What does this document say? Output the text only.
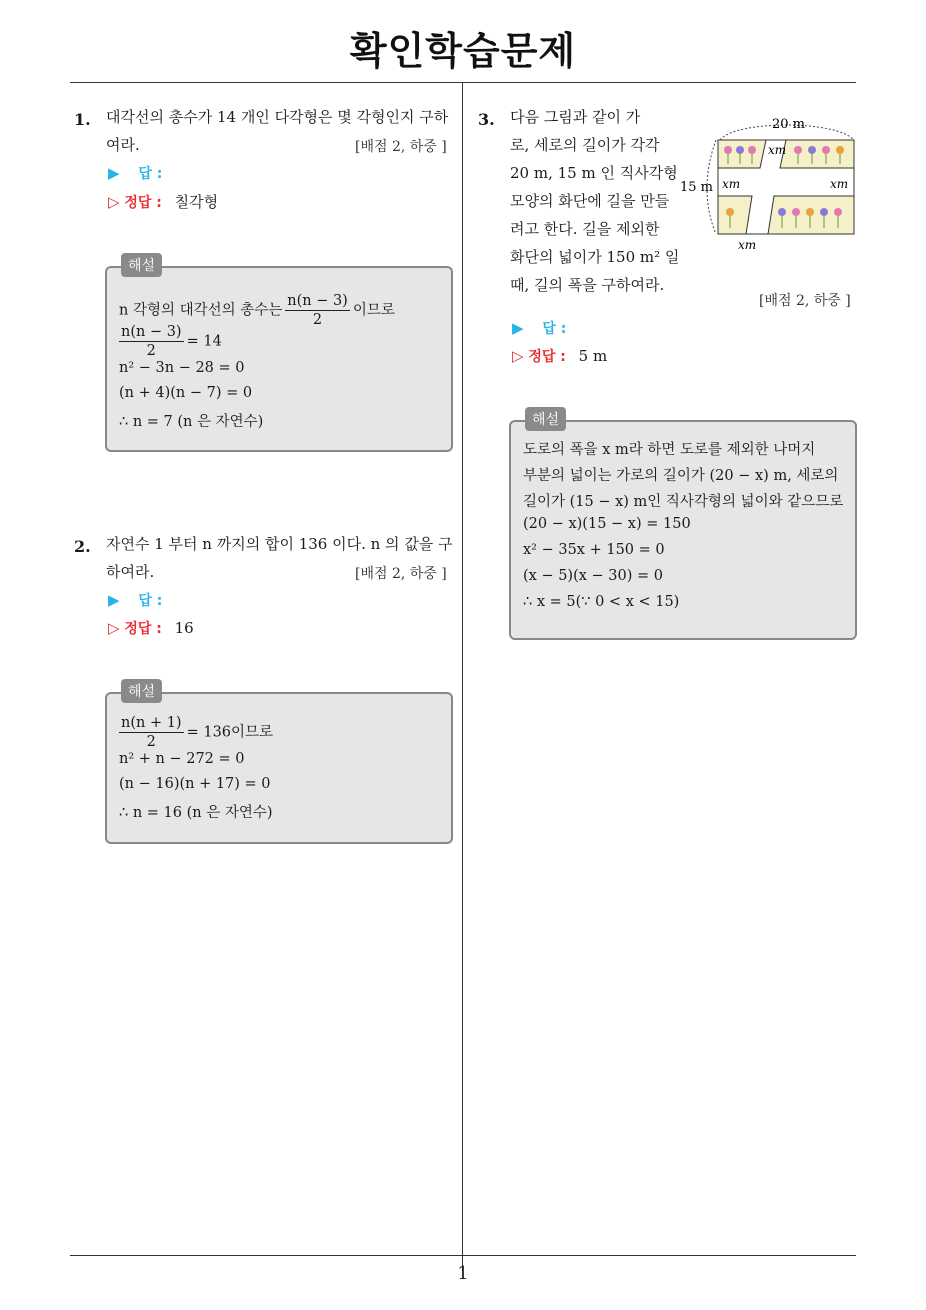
확인학습문제
1
1. 대각선의 총수가 14 개인 다각형은 몇 각형인지 구하
여라.	[배점 2, 하중 ]
▶ 답 :
▷ 정답 : 칠각형
해설
n 각형의 대각선의 총수는 $\frac{n(n - 3)}{2}$ 이므로
$\frac{n(n - 3)}{2} = 14$
n² − 3n − 28 = 0
(n + 4)(n − 7) = 0
∴ n = 7 (n 은 자연수)
2. 자연수 1 부터 n 까지의 합이 136 이다. n 의 값을 구
하여라.	[배점 2, 하중 ]
▶ 답 :
▷ 정답 : 16
해설
$\frac{n(n + 1)}{2} = 136$이므로
n² + n − 272 = 0
(n − 16)(n + 17) = 0
∴ n = 16 (n 은 자연수)
3. 다음 그림과 같이 가
로, 세로의 길이가 각각
20 m, 15 m 인 직사각형
모양의 화단에 길을 만들
려고 한다. 길을 제외한
화단의 넓이가 150 m² 일
때, 길의 폭을 구하여라.
20 m
15 m
xm
xm	xm
xm
[배점 2, 하중 ]
▶ 답 :
▷ 정답 : 5 m
해설
도로의 폭을 x m라 하면 도로를 제외한 나머지
부분의 넓이는 가로의 길이가 (20 − x) m, 세로의
길이가 (15 − x) m인 직사각형의 넓이와 같으므로
(20 − x)(15 − x) = 150
x² − 35x + 150 = 0
(x − 5)(x − 30) = 0
∴ x = 5(∵ 0 < x < 15)
